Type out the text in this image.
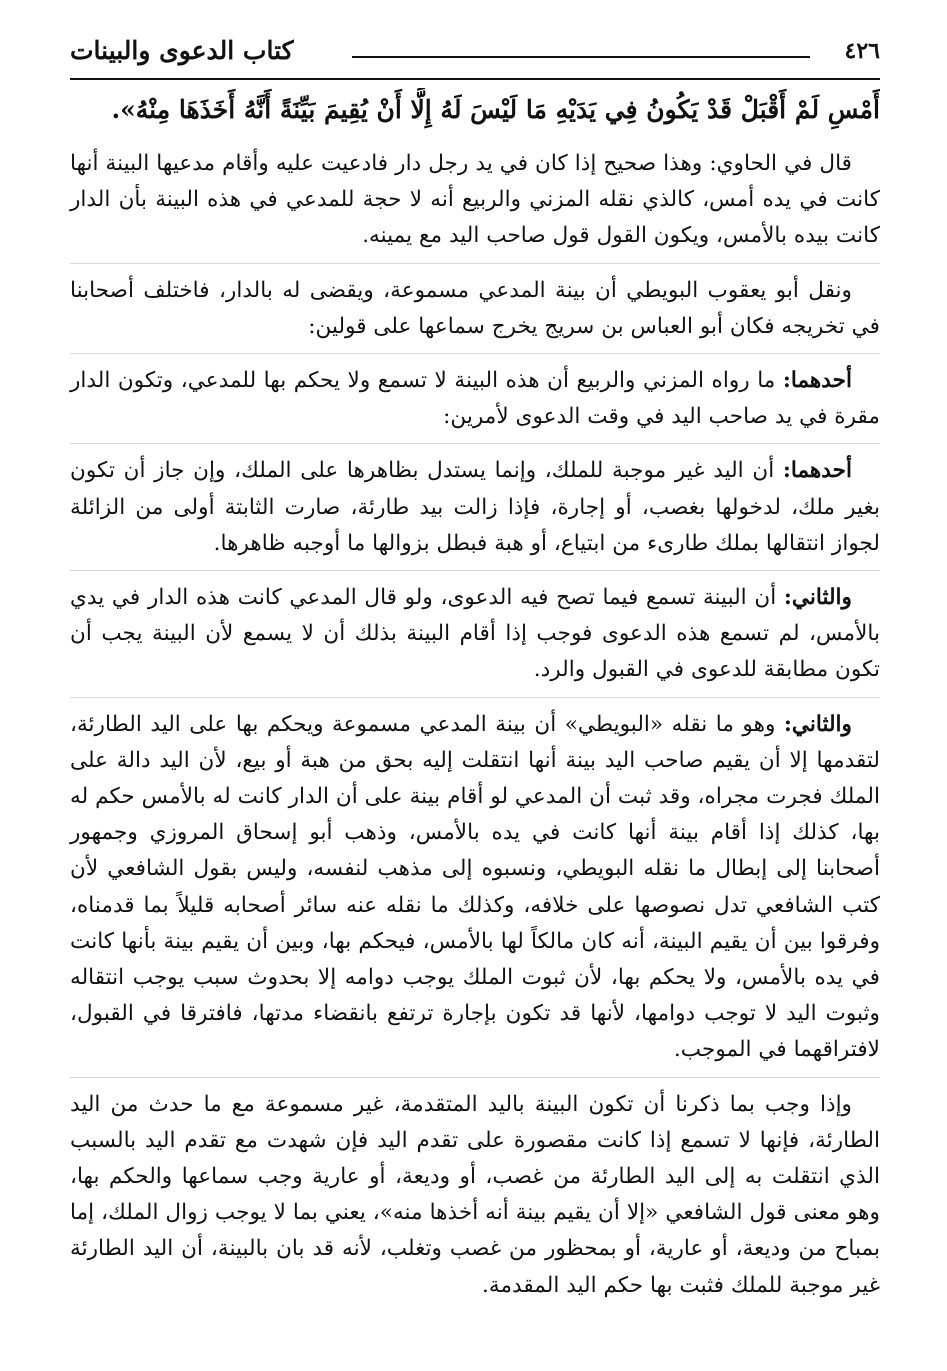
٤٢٦
كتاب الدعوى والبينات
أَمْسِ لَمْ أَقْبَلْ قَدْ يَكُونُ فِي يَدَيْهِ مَا لَيْسَ لَهُ إِلَّا أَنْ يُقِيمَ بَيِّنَةً أَنَّهُ أَخَذَهَا مِنْهُ».

قال في الحاوي: وهذا صحيح إذا كان في يد رجل دار فادعيت عليه وأقام مدعيها البينة أنها كانت في يده أمس، كالذي نقله المزني والربيع أنه لا حجة للمدعي في هذه البينة بأن الدار كانت بيده بالأمس، ويكون القول قول صاحب اليد مع يمينه.

ونقل أبو يعقوب البويطي أن بينة المدعي مسموعة، ويقضى له بالدار، فاختلف أصحابنا في تخريجه فكان أبو العباس بن سريج يخرج سماعها على قولين:

أحدهما: ما رواه المزني والربيع أن هذه البينة لا تسمع ولا يحكم بها للمدعي، وتكون الدار مقرة في يد صاحب اليد في وقت الدعوى لأمرين:

أحدهما: أن اليد غير موجبة للملك، وإنما يستدل بظاهرها على الملك، وإن جاز أن تكون بغير ملك، لدخولها بغصب، أو إجارة، فإذا زالت بيد طارئة، صارت الثابتة أولى من الزائلة لجواز انتقالها بملك طارىء من ابتياع، أو هبة فبطل بزوالها ما أوجبه ظاهرها.

والثاني: أن البينة تسمع فيما تصح فيه الدعوى، ولو قال المدعي كانت هذه الدار في يدي بالأمس، لم تسمع هذه الدعوى فوجب إذا أقام البينة بذلك أن لا يسمع لأن البينة يجب أن تكون مطابقة للدعوى في القبول والرد.

والثاني: وهو ما نقله «البويطي» أن بينة المدعي مسموعة ويحكم بها على اليد الطارئة، لتقدمها إلا أن يقيم صاحب اليد بينة أنها انتقلت إليه بحق من هبة أو بيع، لأن اليد دالة على الملك فجرت مجراه، وقد ثبت أن المدعي لو أقام بينة على أن الدار كانت له بالأمس حكم له بها، كذلك إذا أقام بينة أنها كانت في يده بالأمس، وذهب أبو إسحاق المروزي وجمهور أصحابنا إلى إبطال ما نقله البويطي، ونسبوه إلى مذهب لنفسه، وليس بقول الشافعي لأن كتب الشافعي تدل نصوصها على خلافه، وكذلك ما نقله عنه سائر أصحابه قليلاً بما قدمناه، وفرقوا بين أن يقيم البينة، أنه كان مالكاً لها بالأمس، فيحكم بها، وبين أن يقيم بينة بأنها كانت في يده بالأمس، ولا يحكم بها، لأن ثبوت الملك يوجب دوامه إلا بحدوث سبب يوجب انتقاله وثبوت اليد لا توجب دوامها، لأنها قد تكون بإجارة ترتفع بانقضاء مدتها، فافترقا في القبول، لافتراقهما في الموجب.

وإذا وجب بما ذكرنا أن تكون البينة باليد المتقدمة، غير مسموعة مع ما حدث من اليد الطارئة، فإنها لا تسمع إذا كانت مقصورة على تقدم اليد فإن شهدت مع تقدم اليد بالسبب الذي انتقلت به إلى اليد الطارئة من غصب، أو وديعة، أو عارية وجب سماعها والحكم بها، وهو معنى قول الشافعي «إلا أن يقيم بينة أنه أخذها منه»، يعني بما لا يوجب زوال الملك، إما بمباح من وديعة، أو عارية، أو بمحظور من غصب وتغلب، لأنه قد بان بالبينة، أن اليد الطارئة غير موجبة للملك فثبت بها حكم اليد المقدمة.
